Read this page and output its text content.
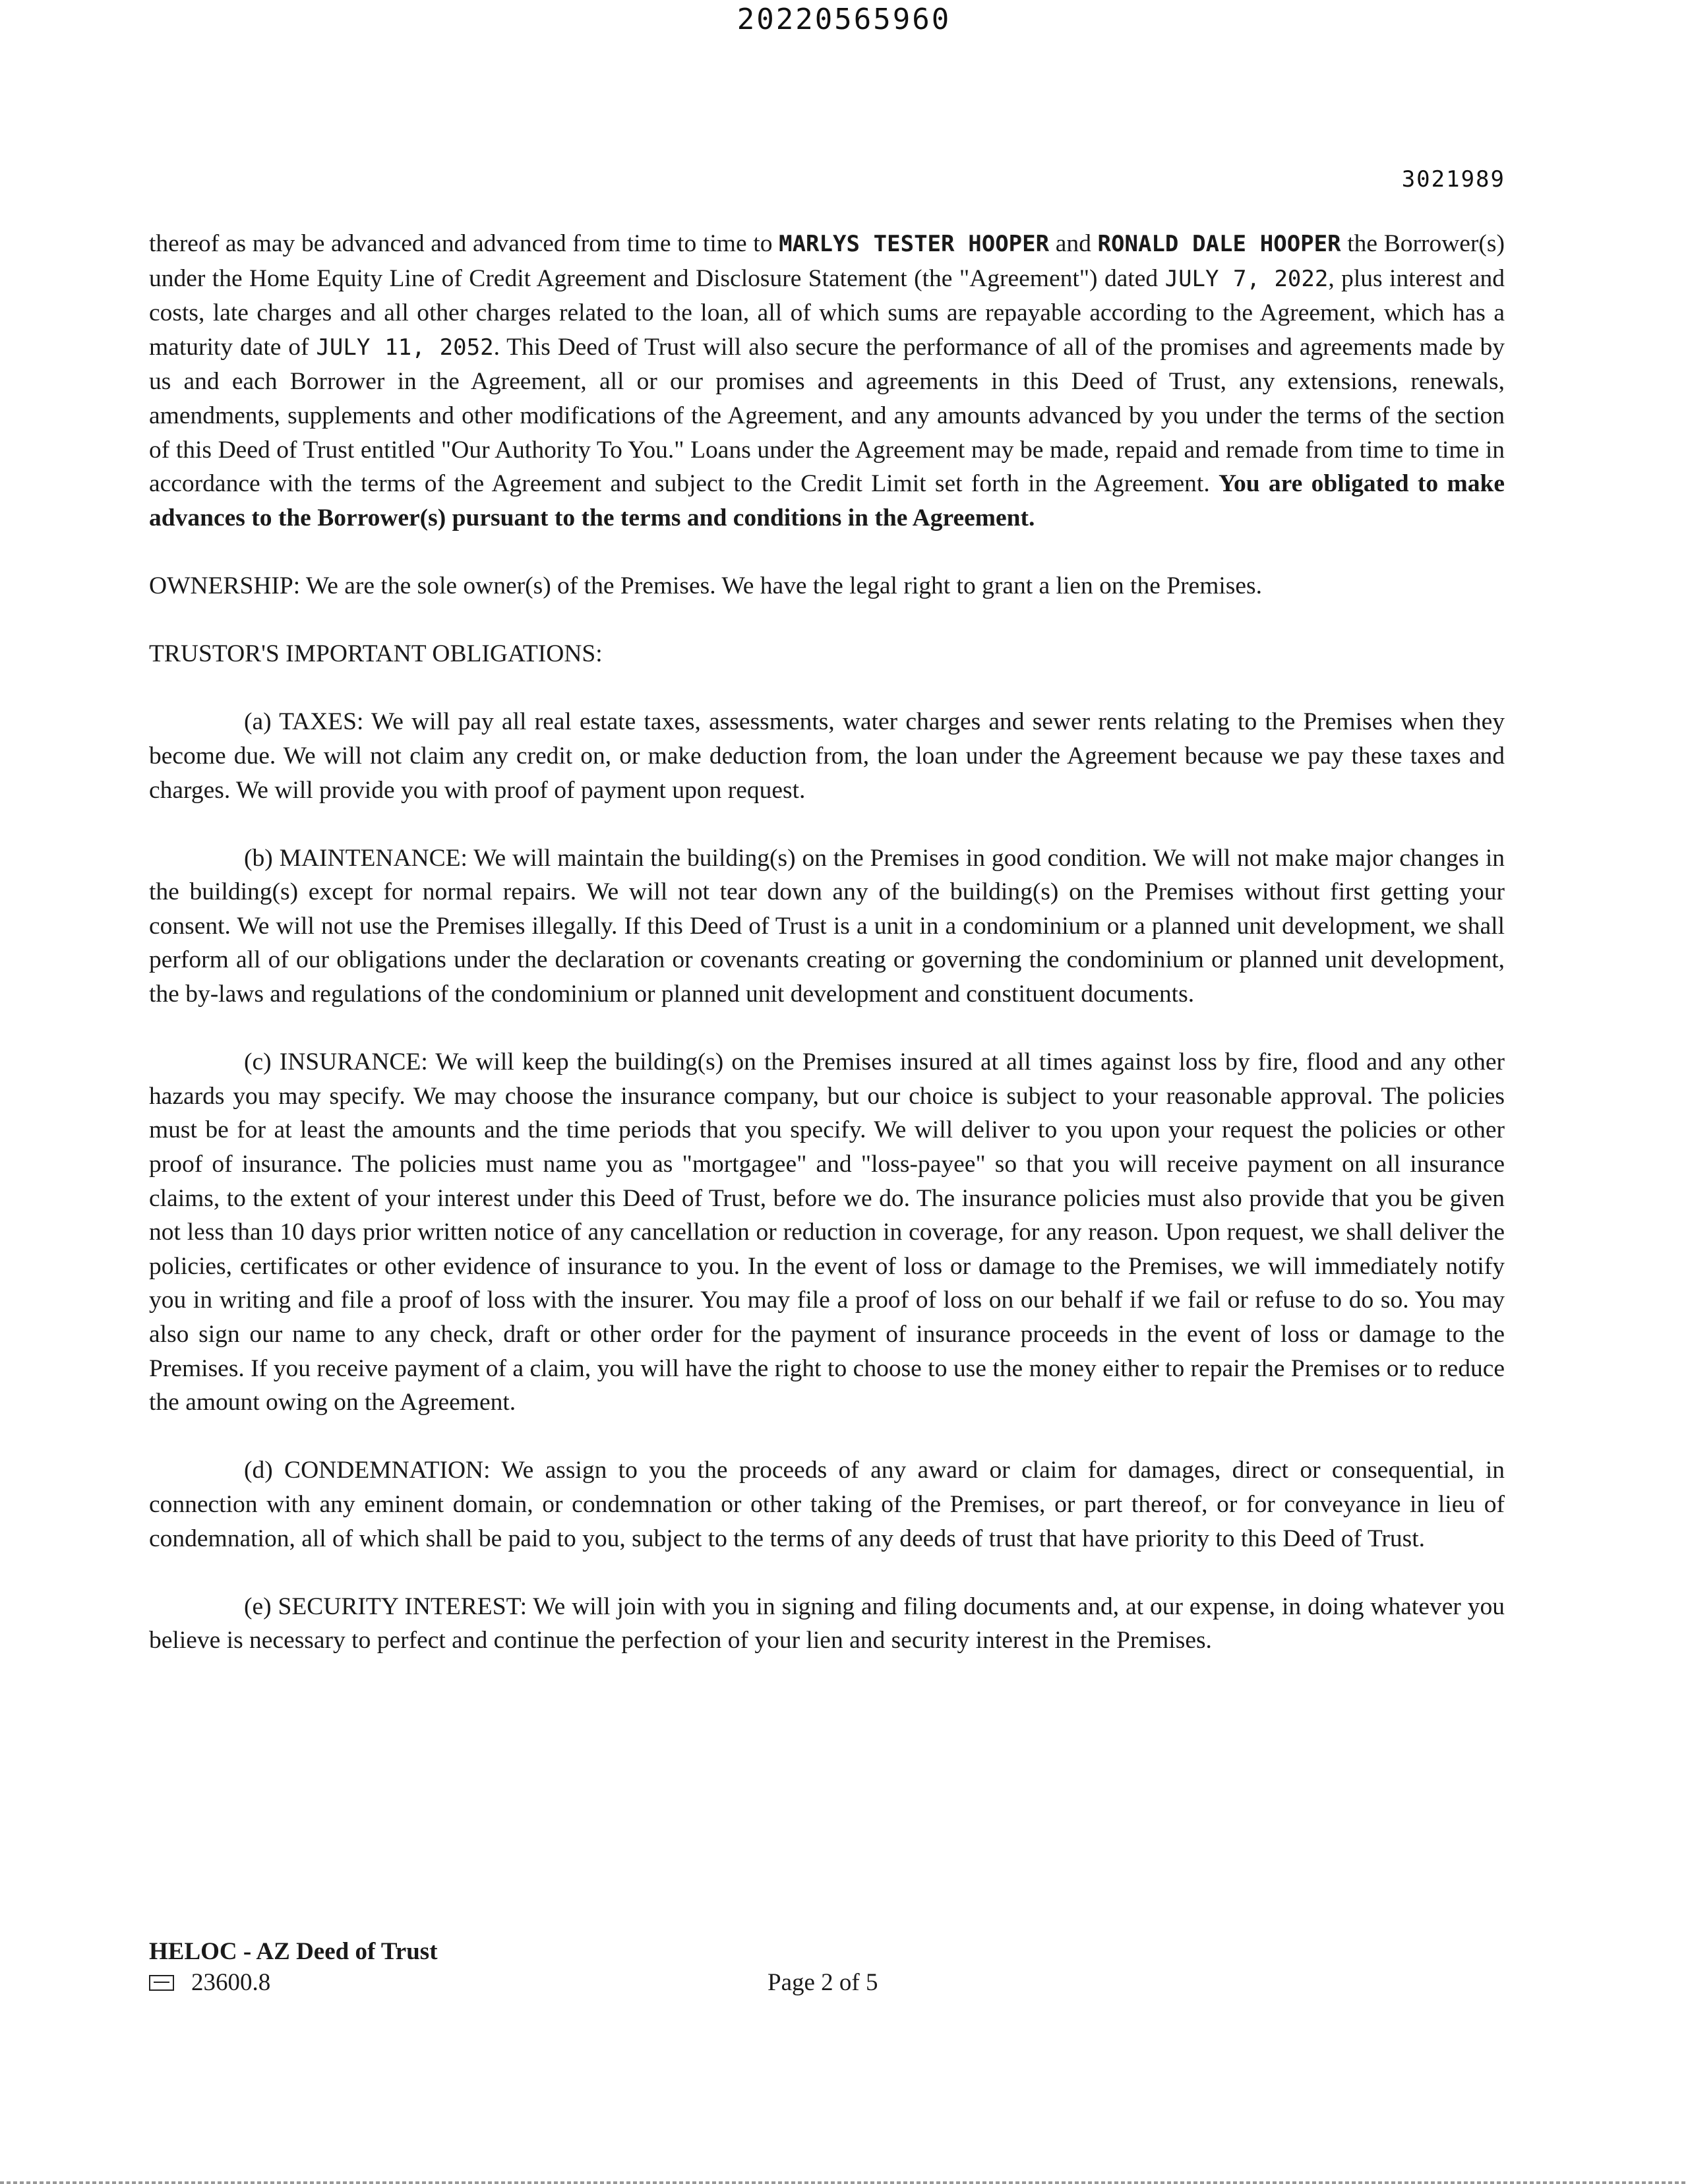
20220565960
3021989

thereof as may be advanced and advanced from time to time to MARLYS TESTER HOOPER and RONALD DALE HOOPER the Borrower(s) under the Home Equity Line of Credit Agreement and Disclosure Statement (the "Agreement") dated JULY 7, 2022, plus interest and costs, late charges and all other charges related to the loan, all of which sums are repayable according to the Agreement, which has a maturity date of JULY 11, 2052. This Deed of Trust will also secure the performance of all of the promises and agreements made by us and each Borrower in the Agreement, all or our promises and agreements in this Deed of Trust, any extensions, renewals, amendments, supplements and other modifications of the Agreement, and any amounts advanced by you under the terms of the section of this Deed of Trust entitled "Our Authority To You." Loans under the Agreement may be made, repaid and remade from time to time in accordance with the terms of the Agreement and subject to the Credit Limit set forth in the Agreement. You are obligated to make advances to the Borrower(s) pursuant to the terms and conditions in the Agreement.

OWNERSHIP: We are the sole owner(s) of the Premises. We have the legal right to grant a lien on the Premises.

TRUSTOR'S IMPORTANT OBLIGATIONS:

(a) TAXES: We will pay all real estate taxes, assessments, water charges and sewer rents relating to the Premises when they become due. We will not claim any credit on, or make deduction from, the loan under the Agreement because we pay these taxes and charges. We will provide you with proof of payment upon request.

(b) MAINTENANCE: We will maintain the building(s) on the Premises in good condition. We will not make major changes in the building(s) except for normal repairs. We will not tear down any of the building(s) on the Premises without first getting your consent. We will not use the Premises illegally. If this Deed of Trust is a unit in a condominium or a planned unit development, we shall perform all of our obligations under the declaration or covenants creating or governing the condominium or planned unit development, the by-laws and regulations of the condominium or planned unit development and constituent documents.

(c) INSURANCE: We will keep the building(s) on the Premises insured at all times against loss by fire, flood and any other hazards you may specify. We may choose the insurance company, but our choice is subject to your reasonable approval. The policies must be for at least the amounts and the time periods that you specify. We will deliver to you upon your request the policies or other proof of insurance. The policies must name you as "mortgagee" and "loss-payee" so that you will receive payment on all insurance claims, to the extent of your interest under this Deed of Trust, before we do. The insurance policies must also provide that you be given not less than 10 days prior written notice of any cancellation or reduction in coverage, for any reason. Upon request, we shall deliver the policies, certificates or other evidence of insurance to you. In the event of loss or damage to the Premises, we will immediately notify you in writing and file a proof of loss with the insurer. You may file a proof of loss on our behalf if we fail or refuse to do so. You may also sign our name to any check, draft or other order for the payment of insurance proceeds in the event of loss or damage to the Premises. If you receive payment of a claim, you will have the right to choose to use the money either to repair the Premises or to reduce the amount owing on the Agreement.

(d) CONDEMNATION: We assign to you the proceeds of any award or claim for damages, direct or consequential, in connection with any eminent domain, or condemnation or other taking of the Premises, or part thereof, or for conveyance in lieu of condemnation, all of which shall be paid to you, subject to the terms of any deeds of trust that have priority to this Deed of Trust.

(e) SECURITY INTEREST: We will join with you in signing and filing documents and, at our expense, in doing whatever you believe is necessary to perfect and continue the perfection of your lien and security interest in the Premises.

HELOC - AZ Deed of Trust
23600.8	Page 2 of 5
